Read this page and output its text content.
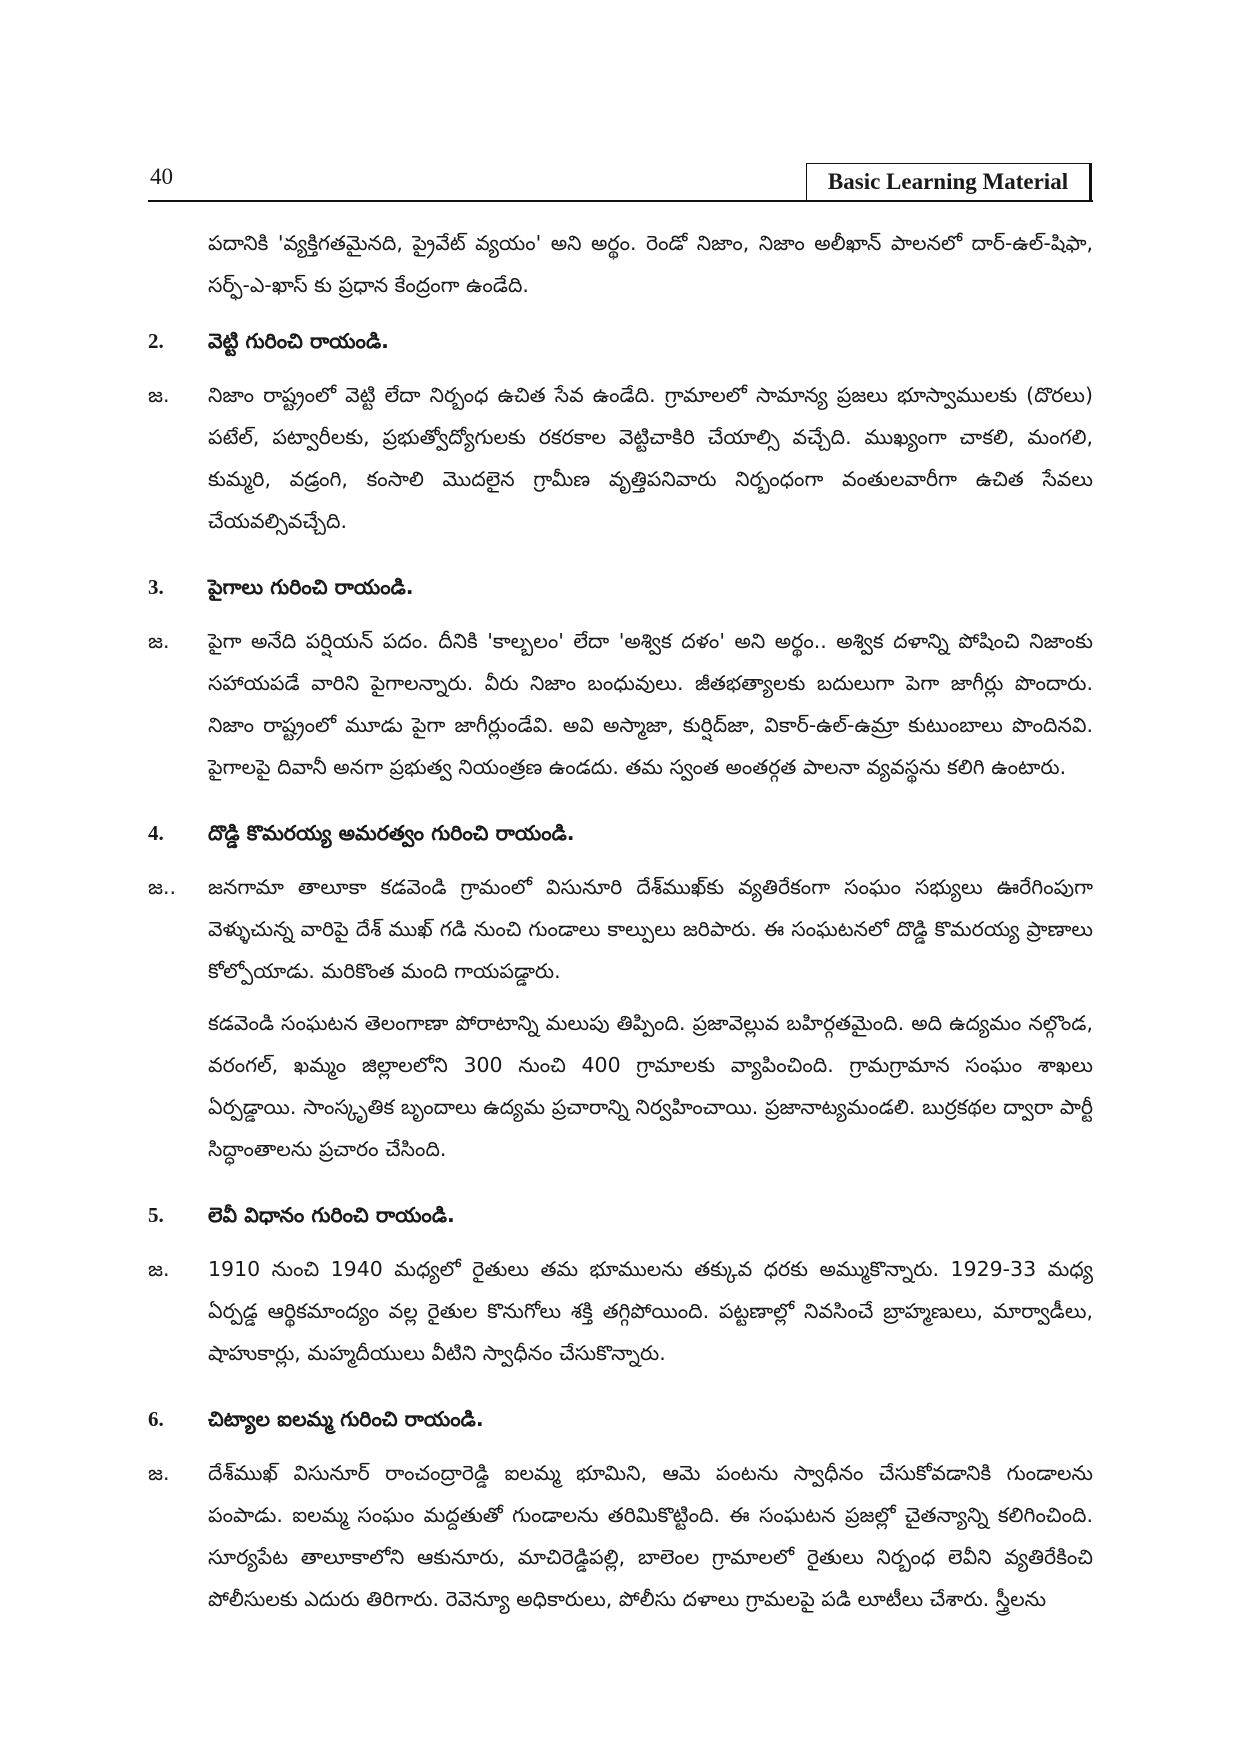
40	Basic Learning Material
పదానికి 'వ్యక్తిగతమైనది, ప్రైవేట్ వ్యయం' అని అర్థం. రెండో నిజాం, నిజాం అలీఖాన్ పాలనలో దార్-ఉల్-షిఫా, సర్ఫ్-ఎ-ఖాస్ కు ప్రధాన కేంద్రంగా ఉండేది.
2.	వెట్టి గురించి రాయండి.
జ.	నిజాం రాష్ట్రంలో వెట్టి లేదా నిర్బంధ ఉచిత సేవ ఉండేది. గ్రామాలలో సామాన్య ప్రజలు భూస్వాములకు (దొరలు) పటేల్, పట్వారీలకు, ప్రభుత్వోద్యోగులకు రకరకాల వెట్టిచాకిరి చేయాల్సి వచ్చేది. ముఖ్యంగా చాకలి, మంగలి, కుమ్మరి, వడ్రంగి, కంసాలి మొదలైన గ్రామీణ వృత్తిపనివారు నిర్బంధంగా వంతులవారీగా ఉచిత సేవలు చేయవల్సివచ్చేది.

3.	పైగాలు గురించి రాయండి.
జ.	పైగా అనేది పర్షియన్ పదం. దీనికి 'కాల్బలం' లేదా 'అశ్విక దళం' అని అర్థం.. అశ్విక దళాన్ని పోషించి నిజాంకు సహాయపడే వారిని పైగాలన్నారు. వీరు నిజాం బంధువులు. జీతభత్యాలకు బదులుగా పెగా జాగీర్లు పొందారు. నిజాం రాష్ట్రంలో మూడు పైగా జాగీర్లుండేవి. అవి అస్మాజా, కుర్షిద్‌జా, వికార్-ఉల్-ఉమ్రా కుటుంబాలు పొందినవి. పైగాలపై దివానీ అనగా ప్రభుత్వ నియంత్రణ ఉండదు. తమ స్వంత అంతర్గత పాలనా వ్యవస్థను కలిగి ఉంటారు.

4.	దొడ్డి కొమరయ్య అమరత్వం గురించి రాయండి.
జ..	జనగామా తాలూకా కడవెండి గ్రామంలో విసునూరి దేశ్‌ముఖ్‌కు వ్యతిరేకంగా సంఘం సభ్యులు ఊరేగింపుగా వెళ్ళుచున్న వారిపై దేశ్ ముఖ్ గడి నుంచి గుండాలు కాల్పులు జరిపారు. ఈ సంఘటనలో దొడ్డి కొమరయ్య ప్రాణాలు కోల్పోయాడు. మరికొంత మంది గాయపడ్డారు.

కడవెండి సంఘటన తెలంగాణా పోరాటాన్ని మలుపు తిప్పింది. ప్రజావెల్లువ బహిర్గతమైంది. అది ఉద్యమం నల్గొండ, వరంగల్, ఖమ్మం జిల్లాలలోని 300 నుంచి 400 గ్రామాలకు వ్యాపించింది. గ్రామగ్రామాన సంఘం శాఖలు ఏర్పడ్డాయి. సాంస్కృతిక బృందాలు ఉద్యమ ప్రచారాన్ని నిర్వహించాయి. ప్రజానాట్యమండలి. బుర్రకథల ద్వారా పార్టీ సిద్ధాంతాలను ప్రచారం చేసింది.

5.	లెవీ విధానం గురించి రాయండి.
జ.	1910 నుంచి 1940 మధ్యలో రైతులు తమ భూములను తక్కువ ధరకు అమ్ముకొన్నారు. 1929-33 మధ్య ఏర్పడ్డ ఆర్థికమాంద్యం వల్ల రైతుల కొనుగోలు శక్తి తగ్గిపోయింది. పట్టణాల్లో నివసించే బ్రాహ్మణులు, మార్వాడీలు, షాహుకార్లు, మహ్మదీయులు వీటిని స్వాధీనం చేసుకొన్నారు.

6.	చిట్యాల ఐలమ్మ గురించి రాయండి.
జ.	దేశ్‌ముఖ్ విసునూర్ రాంచంద్రారెడ్డి ఐలమ్మ భూమిని, ఆమె పంటను స్వాధీనం చేసుకోవడానికి గుండాలను పంపాడు. ఐలమ్మ సంఘం మద్దతుతో గుండాలను తరిమికొట్టింది. ఈ సంఘటన ప్రజల్లో చైతన్యాన్ని కలిగించింది. సూర్యపేట తాలూకాలోని ఆకునూరు, మాచిరెడ్డిపల్లి, బాలెంల గ్రామాలలో రైతులు నిర్బంధ లెవీని వ్యతిరేకించి పోలీసులకు ఎదురు తిరిగారు. రెవెన్యూ అధికారులు, పోలీసు దళాలు గ్రామలపై పడి లూటీలు చేశారు. స్త్రీలను
